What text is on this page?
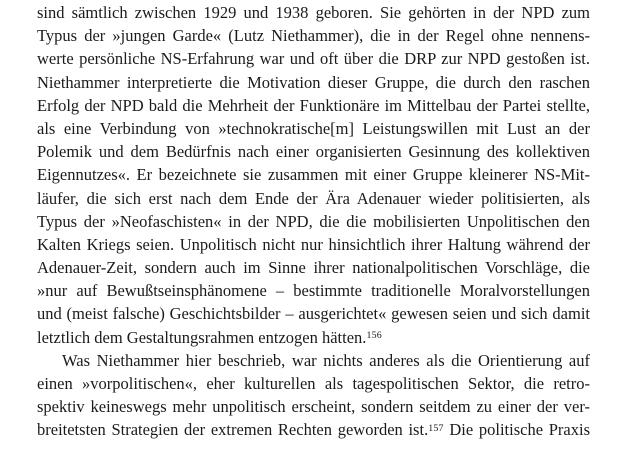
sind sämtlich zwischen 1929 und 1938 geboren. Sie gehörten in der NPD zum
Typus der »jungen Garde« (Lutz Niethammer), die in der Regel ohne nennens-
werte persönliche NS-Erfahrung war und oft über die DRP zur NPD gestoßen ist.
Niethammer interpretierte die Motivation dieser Gruppe, die durch den raschen
Erfolg der NPD bald die Mehrheit der Funktionäre im Mittelbau der Partei stellte,
als eine Verbindung von »technokratische[m] Leistungswillen mit Lust an der
Polemik und dem Bedürfnis nach einer organisierten Gesinnung des kollektiven
Eigennutzes«. Er bezeichnete sie zusammen mit einer Gruppe kleinerer NS-Mit-
läufer, die sich erst nach dem Ende der Ära Adenauer wieder politisierten, als
Typus der »Neofaschisten« in der NPD, die die mobilisierten Unpolitischen den
Kalten Kriegs seien. Unpolitisch nicht nur hinsichtlich ihrer Haltung während der
Adenauer-Zeit, sondern auch im Sinne ihrer nationalpolitischen Vorschläge, die
»nur auf Bewußtseinsphänomene – bestimmte traditionelle Moralvorstellungen
und (meist falsche) Geschichtsbilder – ausgerichtet« gewesen seien und sich damit
letztlich dem Gestaltungsrahmen entzogen hätten.$^{156}$
Was Niethammer hier beschrieb, war nichts anderes als die Orientierung auf
einen »vorpolitischen«, eher kulturellen als tagespolitischen Sektor, die retro-
spektiv keineswegs mehr unpolitisch erscheint, sondern seitdem zu einer der ver-
breitetsten Strategien der extremen Rechten geworden ist.$^{157}$ Die politische Praxis
